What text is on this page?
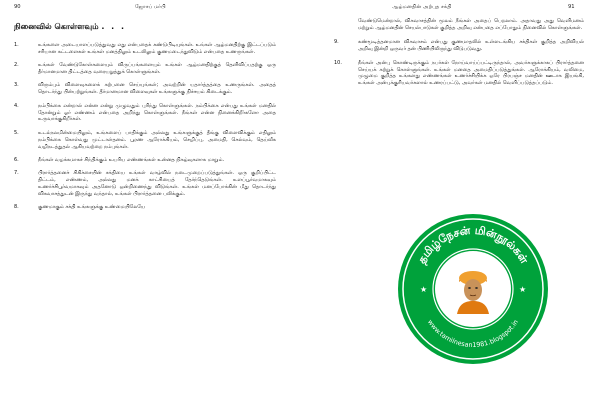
90	ஜோசப் மர்பி
நினைவில் கொள்ளவும் . . .
1.	உங்களை அடையாளப்படுத்துவது எது என்பதைக் கண்டுபிடியுங்கள். உங்கள் ஆழ்மனதிற்கு இட்டப்படும் சரியான கட்டளைகள் உங்கள் மனத்திலும் உடலிலும் குணமடைந்துவிடும் என்பதை உணருங்கள்.
2.	உங்கள் வேண்டுகோள்களையும் விருப்பங்களையும் உங்கள் ஆழ்மனதிற்குத் தெளிவிப்பதற்கு ஒரு தீர்மானமான திட்டத்தை வரையறுத்துக் கொள்ளுங்கள்.
3.	விரும்பும் விளைவுகளைக் கற்பனை செய்யுங்கள்; அவற்றின் யதார்த்தத்தை உணருங்கள். அதைத் தொடர்ந்து பின்பற்றுங்கள். தீர்மானமான விளைவுகள் உங்களுக்கு நிச்சயம் கிடைக்கும்.
4.	நம்பிக்கை என்றால் என்ன என்று முழுவதும் புரிந்து கொள்ளுங்கள். நம்பிக்கை என்பது உங்கள் மனதில் தோன்றும் ஓர் எண்ணம் என்பதை அறிந்து கொள்ளுங்கள். நீங்கள் என்ன நினைக்கிறீர்களோ அதை உருவாக்குகிறீர்கள்.
5.	உடல்நலமின்மையிலும், உங்களைப் பாதிக்கும் அல்லது உங்களுக்குத் தீங்கு விளைவிக்கும் எதிலும் நம்பிக்கை கொள்வது முட்டாள்தனம். பூரண ஆரோக்கியம், செழிப்பு, அமைதி, செல்வம், தெய்வீக வழிநடத்துதல் ஆகியவற்றை நம்புங்கள்.
6.	நீங்கள் வழக்கமாகச் சிந்திக்கும் உயரிய எண்ணங்கள் உன்னத நிகழ்வுகளாக மாறும்.
7.	பிரார்த்தனைச் சிகிச்சையின் சக்தியை உங்கள் வாழ்வில் நடைமுறைப்படுத்துங்கள். ஒரு குறிப்பிட்ட திட்டம், எண்ணம், அல்லது மனக் காட்சியைத் தேர்ந்தெடுங்கள். உளப்பூர்வமாகவும் உணர்ச்சிபூர்வமாகவும் அதனோடு ஒன்றிணைந்து விடுங்கள். உங்கள் மனப்போக்கின் மீது தொடர்ந்து விசுவாசத்துடன் இருந்து வந்தால், உங்கள் பிரார்த்தனை பலிக்கும்.
8.	குணமாகும் சக்தி உங்களுக்கு உண்மையிலேயே
ஆழ்மனதின் அற்புத சக்தி	91
வேண்டுமென்றால், விசுவாசத்தின் மூலம் நீங்கள் அதைப் பெறலாம். அதாவது அது வெளிமனம் மற்றும் ஆழ்மனதின் செயல்பாடுகள் குறித்த அறிவு என்பதை எப்போதும் நினைவில் கொள்ளுங்கள்.
9.	கண்மூடித்தனமான விசுவாசம் என்பது குணமாதலில் உள்ளடங்கிய சக்திகள் குறித்த அறிவியல் அறிவு இன்றி ஒருவர் தன் பிணியிலிருந்து விடுபடுவது.
10.	நீங்கள் அன்பு கொண்டிருக்கும் நபர்கள் நோய்வாய்ப்பட்டிருந்தால், அவர்களுக்காகப் பிரார்த்தனை செய்யக் கற்றுக் கொள்ளுங்கள். உங்கள் மனதை அமைதிப்படுத்துங்கள். ஆரோக்கியம், வலிமை, முழுமை குறித்த உங்களது எண்ணங்கள் உணர்ச்சியிக்க ஒரே பிரபஞ்ச மனதின் ஊடாக இயங்கி, உங்கள் அன்புக்குரியவர்களால் உணரப்பட்டு, அவர்கள் மனதில் வெளிப்படுத்தப்படும்.
தமிழ்நேசன் மின்நூல்கள்
www.tamilnesan1981.blogspot.in
★	★
